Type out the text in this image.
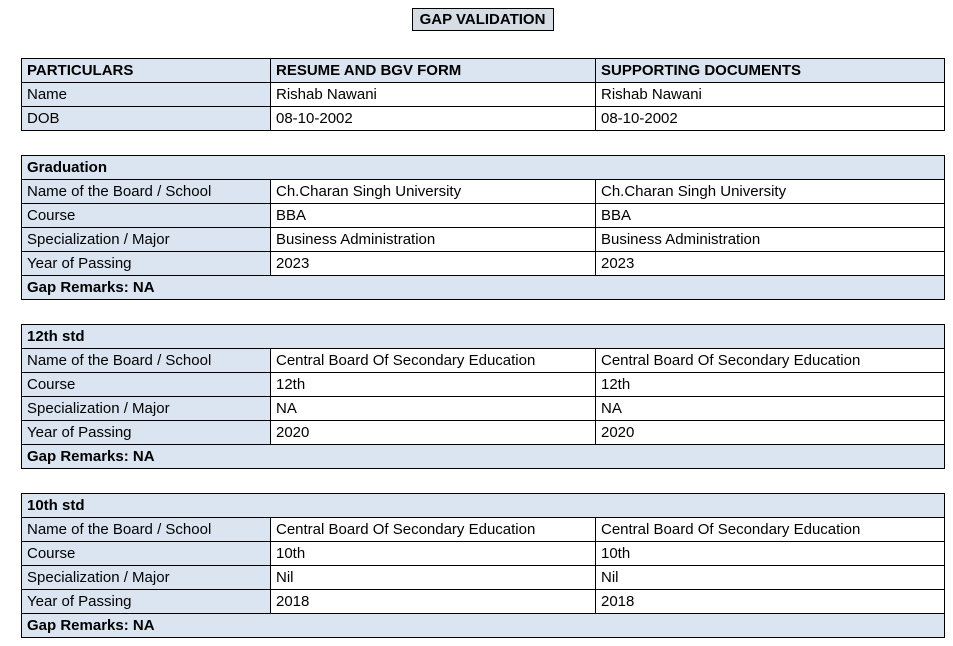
GAP VALIDATION
PARTICULARS	RESUME AND BGV FORM	SUPPORTING DOCUMENTS
Name	Rishab Nawani	Rishab Nawani
DOB	08-10-2002	08-10-2002
Graduation		
Name of the Board / School	Ch.Charan Singh University	Ch.Charan Singh University
Course	BBA	BBA
Specialization / Major	Business Administration	Business Administration
Year of Passing	2023	2023
Gap Remarks: NA		
12th std		
Name of the Board / School	Central Board Of Secondary Education	Central Board Of Secondary Education
Course	12th	12th
Specialization / Major	NA	NA
Year of Passing	2020	2020
Gap Remarks: NA		
10th std		
Name of the Board / School	Central Board Of Secondary Education	Central Board Of Secondary Education
Course	10th	10th
Specialization / Major	Nil	Nil
Year of Passing	2018	2018
Gap Remarks: NA		
